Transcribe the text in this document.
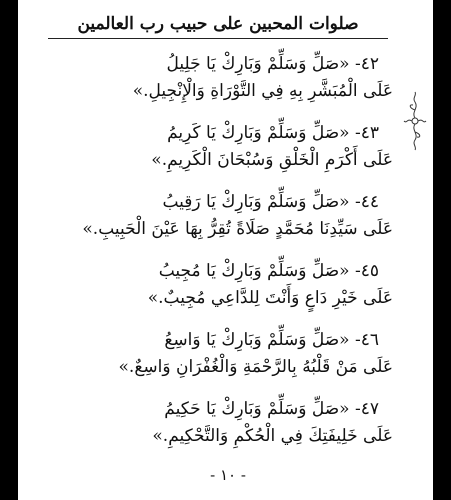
صلوات المحبين على حبيب رب العالمين
٤٢- «صَلِّ وَسَلِّمْ وَبَارِكْ يَا جَلِيلُ
عَلَى الْمُبَشَّرِ بِهِ فِي التَّوْرَاةِ وَالْإِنْجِيلِ.»
٤٣- «صَلِّ وَسَلِّمْ وَبَارِكْ يَا كَرِيمُ
عَلَى أَكْرَمِ الْخَلْقِ وَسُبْحَانَ الْكَرِيمِ.»
٤٤- «صَلِّ وَسَلِّمْ وَبَارِكْ يَا رَقِيبُ
عَلَى سَيِّدِنَا مُحَمَّدٍ صَلَاةً تُقِرُّ بِهَا عَيْنَ الْحَبِيبِ.»
٤٥- «صَلِّ وَسَلِّمْ وَبَارِكْ يَا مُجِيبُ
عَلَى خَيْرِ دَاعٍ وَأَنْتَ لِلدَّاعِي مُجِيبٌ.»
٤٦- «صَلِّ وَسَلِّمْ وَبَارِكْ يَا وَاسِعُ
عَلَى مَنْ قَلْبُهُ بِالرَّحْمَةِ وَالْغُفْرَانِ وَاسِعٌ.»
٤٧- «صَلِّ وَسَلِّمْ وَبَارِكْ يَا حَكِيمُ
عَلَى خَلِيفَتِكَ فِي الْحُكْمِ وَالتَّحْكِيمِ.»
- ١٠ -
